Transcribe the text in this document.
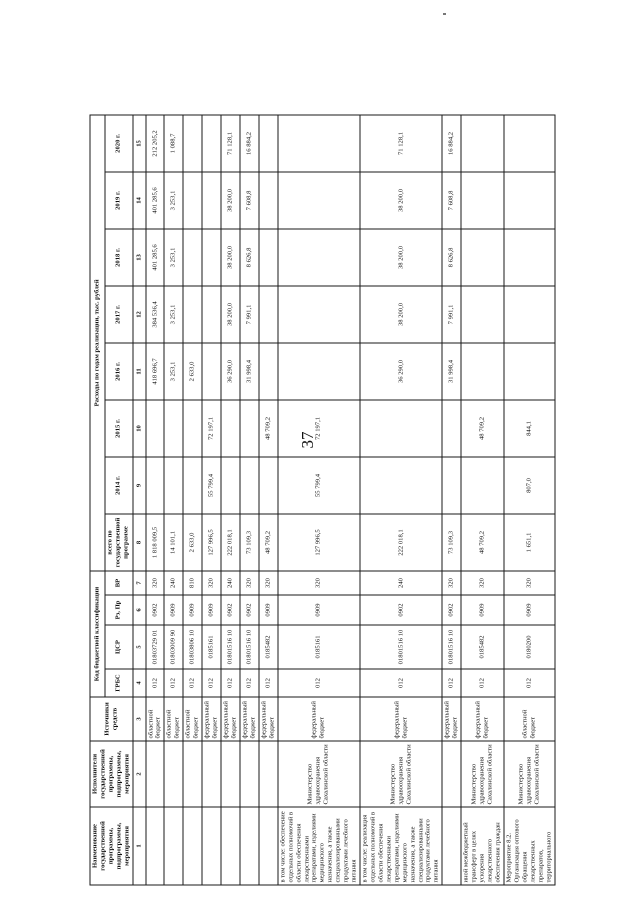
37
Наименование государственной программы, подпрограммы, мероприятия	Исполнители государственной программы, подпрограммы, мероприятия	Источники средств	Код бюджетной классификации				Расходы по годам реализации, тыс. рублей							
			ГРБС	ЦСР	Рз, Пр	ВР	всего по государственной программе	2014 г.	2015 г.	2016 г.	2017 г.	2018 г.	2019 г.	2020 г.
1	2	3	4	5	6	7	8	9	10	11	12	13	14	15
		областной бюджет	012	01803729 01	0902	320	1 818 009,5			418 696,7	384 536,4	401 285,6	401 285,6	212 205,2
		областной бюджет	012	01803009 90	0909	240	14 101,1			3 253,1	3 253,1	3 253,1	3 253,1	1 088,7
		областной бюджет	012	01803806 10	0909	810	2 633,0			2 633,0				
		федеральный бюджет	012	0185161	0909	320	127 996,5	55 799,4	72 197,1					
		федеральный бюджет	012	01801516 10	0902	240	222 018,1			36 290,0	38 200,0	38 200,0	38 200,0	71 128,1
		федеральный бюджет	012	01801516 10	0902	320	73 109,3			31 998,4	7 991,1	8 626,8	7 608,8	16 884,2
		федеральный бюджет	012	0185482	0909	320	48 709,2		48 709,2					
в том числе: обеспечение отдельных полномочий в области обеспечения лекарственными препаратами, изделиями медицинского назначения, а также специализированными продуктами лечебного питания	Министерство здравоохранения Сахалинской области	федеральный бюджет	012	0185161	0909	320	127 996,5	55 799,4	72 197,1					
в том числе: реализация отдельных полномочий в области обеспечения лекарственными препаратами, изделиями медицинского назначения, а также специализированными продуктами лечебного питания	Министерство здравоохранения Сахалинской области	федеральный бюджет	012	01801516 10	0902	240	222 018,1			36 290,0	38 200,0	38 200,0	38 200,0	71 128,1
		федеральный бюджет	012	01801516 10	0902	320	73 109,3			31 998,4	7 991,1	8 626,8	7 608,8	16 884,2
иной межбюджетный трансферт в целях ускорения лекарственного обеспечения граждан	Министерство здравоохранения Сахалинской области	федеральный бюджет	012	0185482	0909	320	48 709,2		48 709,2					
Мероприятие 8.2. Организация оптового обращения лекарственных препаратов, территориального	Министерство здравоохранения Сахалинской области	областной бюджет	012	0180200	0909	320	1 651,1	807,0	844,1					
